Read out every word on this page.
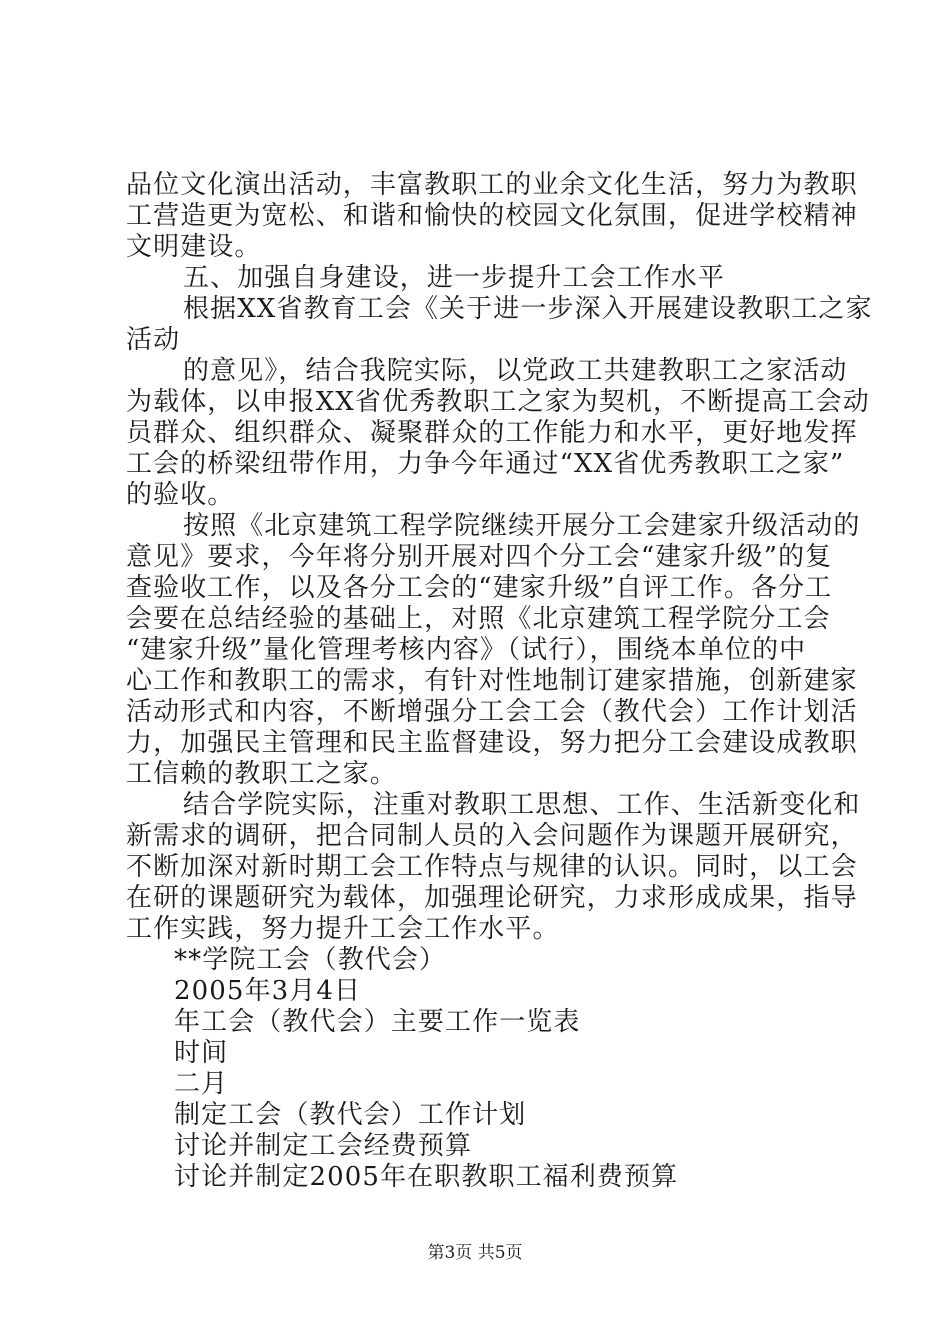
品位文化演出活动，丰富教职工的业余文化生活，努力为教职

工营造更为宽松、和谐和愉快的校园文化氛围，促进学校精神

文明建设。

五、加强自身建设，进一步提升工会工作水平

根据XX省教育工会《关于进一步深入开展建设教职工之家

活动

的意见》，结合我院实际，以党政工共建教职工之家活动

为载体，以申报XX省优秀教职工之家为契机，不断提高工会动

员群众、组织群众、凝聚群众的工作能力和水平，更好地发挥

工会的桥梁纽带作用，力争今年通过“XX省优秀教职工之家”

的验收。

按照《北京建筑工程学院继续开展分工会建家升级活动的

意见》要求，今年将分别开展对四个分工会“建家升级”的复

查验收工作，以及各分工会的“建家升级”自评工作。各分工

会要在总结经验的基础上，对照《北京建筑工程学院分工会

“建家升级”量化管理考核内容》（试行），围绕本单位的中

心工作和教职工的需求，有针对性地制订建家措施，创新建家

活动形式和内容，不断增强分工会工会（教代会）工作计划活

力，加强民主管理和民主监督建设，努力把分工会建设成教职

工信赖的教职工之家。

结合学院实际，注重对教职工思想、工作、生活新变化和

新需求的调研，把合同制人员的入会问题作为课题开展研究，

不断加深对新时期工会工作特点与规律的认识。同时，以工会

在研的课题研究为载体，加强理论研究，力求形成成果，指导

工作实践，努力提升工会工作水平。

**学院工会（教代会）

2005年3月4日

年工会（教代会）主要工作一览表

时间

二月

制定工会（教代会）工作计划

讨论并制定工会经费预算

讨论并制定2005年在职教职工福利费预算

第3页 共5页
